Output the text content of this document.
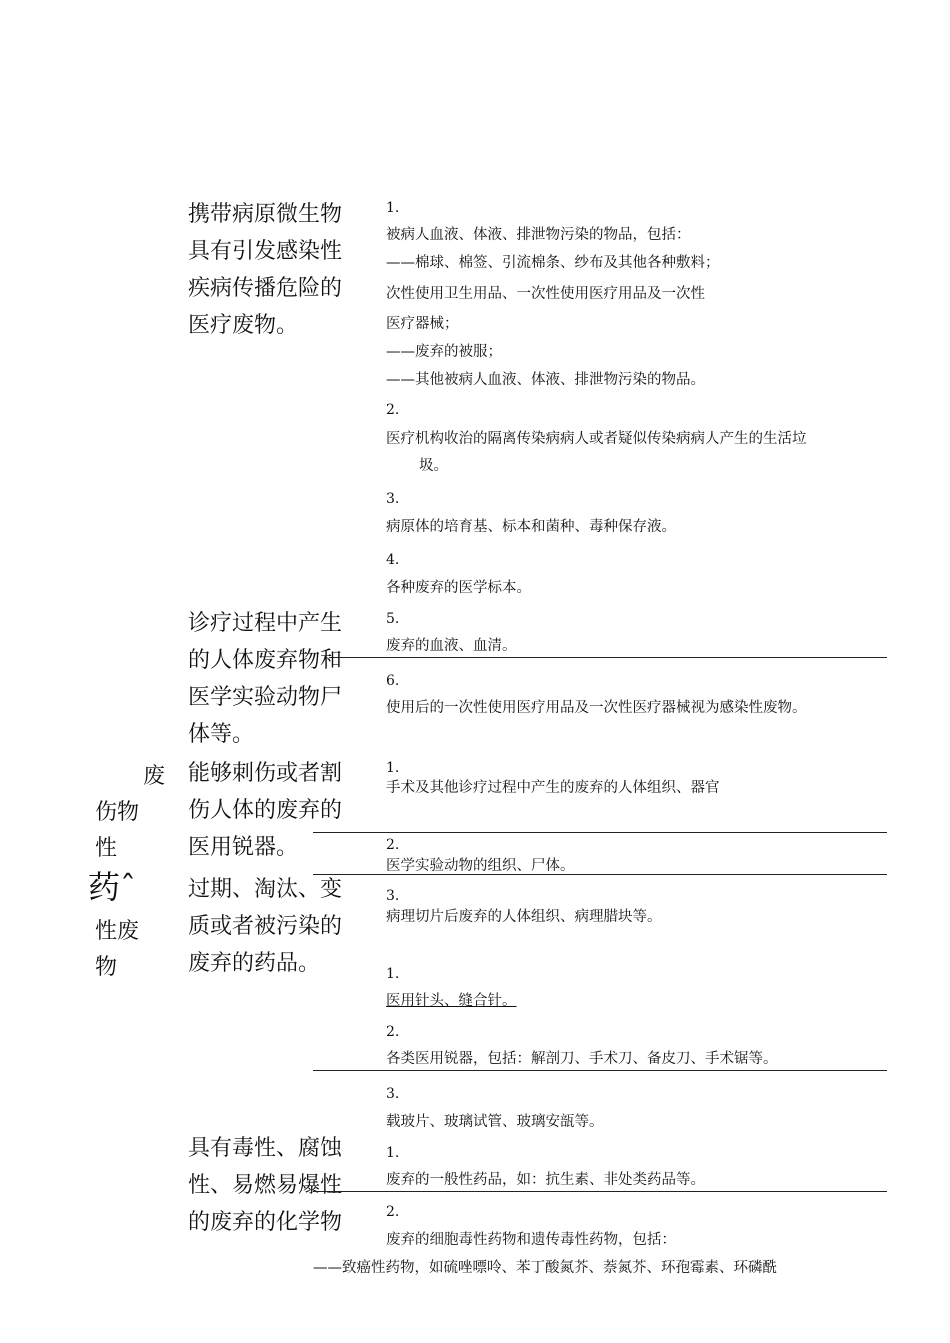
废
伤物
性
药ˆ
性废
物
携带病原微生物
具有引发感染性
疾病传播危险的
医疗废物。
诊疗过程中产生
的人体废弃物和
医学实验动物尸
体等。
能够刺伤或者割
伤人体的废弃的
医用锐器。
过期、淘汰、变
质或者被污染的
废弃的药品。
具有毒性、腐蚀
性、易燃易爆性
的废弃的化学物
1.
被病人血液、体液、排泄物污染的物品，包括：
——棉球、棉签、引流棉条、纱布及其他各种敷料；
次性使用卫生用品、一次性使用医疗用品及一次性
医疗器械；
——废弃的被服；
——其他被病人血液、体液、排泄物污染的物品。
2.
医疗机构收治的隔离传染病病人或者疑似传染病病人产生的生活垃
圾。
3.
病原体的培育基、标本和菌种、毒种保存液。
4.
各种废弃的医学标本。
5.
废弃的血液、血清。
6.
使用后的一次性使用医疗用品及一次性医疗器械视为感染性废物。
1.
手术及其他诊疗过程中产生的废弃的人体组织、器官
2.
医学实验动物的组织、尸体。
3.
病理切片后废弃的人体组织、病理腊块等。
1.
医用针头、缝合针。
2.
各类医用锐器，包括：解剖刀、手术刀、备皮刀、手术锯等。
3.
载玻片、玻璃试管、玻璃安瓿等。
1.
废弃的一般性药品，如：抗生素、非处类药品等。
2.
废弃的细胞毒性药物和遗传毒性药物，包括：
——致癌性药物，如硫唑嘌呤、苯丁酸氮芥、萘氮芥、环孢霉素、环磷酰
